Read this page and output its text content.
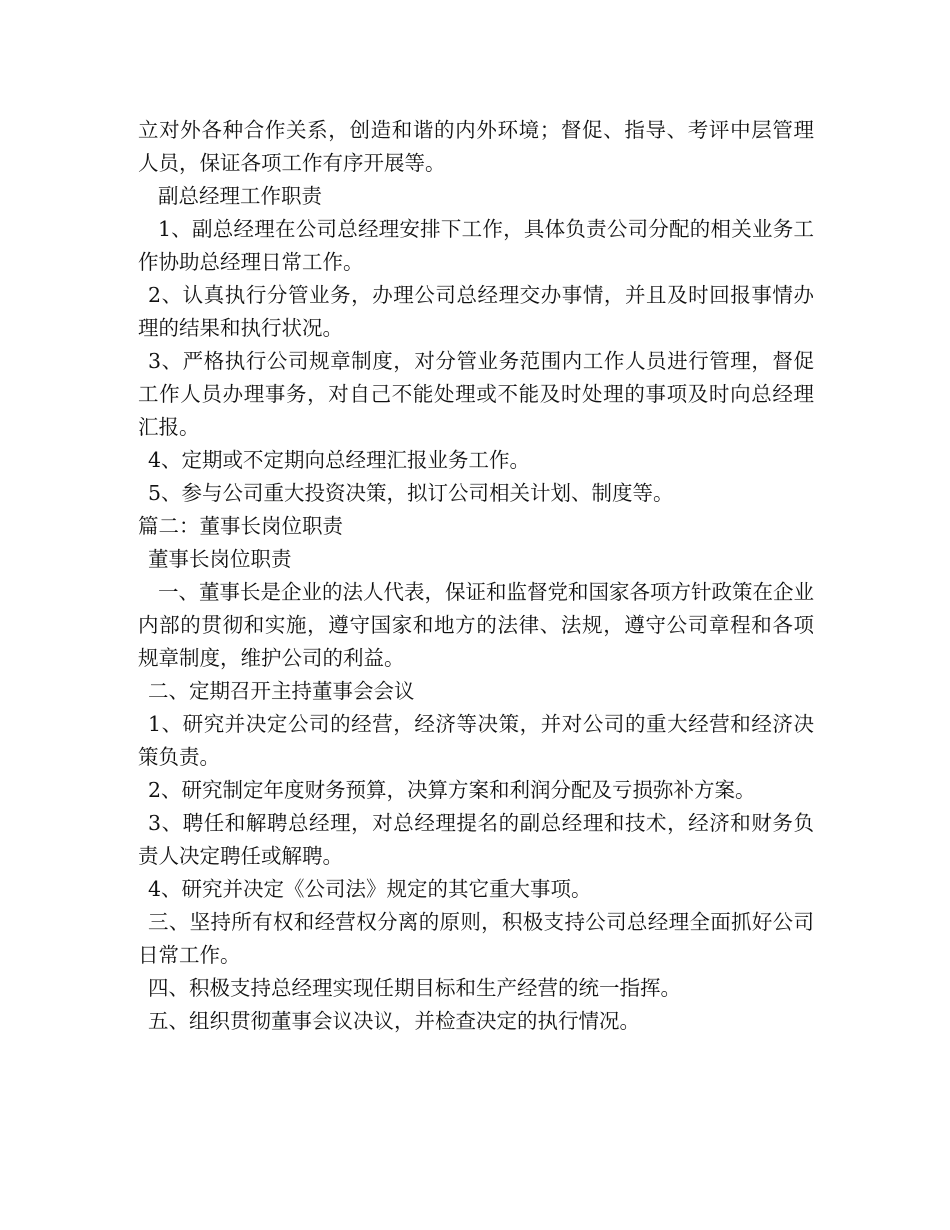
立对外各种合作关系，创造和谐的内外环境；督促、指导、考评中层管理人员，保证各项工作有序开展等。

副总经理工作职责

1、副总经理在公司总经理安排下工作，具体负责公司分配的相关业务工作协助总经理日常工作。

2、认真执行分管业务，办理公司总经理交办事情，并且及时回报事情办理的结果和执行状况。

3、严格执行公司规章制度，对分管业务范围内工作人员进行管理，督促工作人员办理事务，对自己不能处理或不能及时处理的事项及时向总经理汇报。

4、定期或不定期向总经理汇报业务工作。

5、参与公司重大投资决策，拟订公司相关计划、制度等。

篇二：董事长岗位职责

董事长岗位职责

一、董事长是企业的法人代表，保证和监督党和国家各项方针政策在企业内部的贯彻和实施，遵守国家和地方的法律、法规，遵守公司章程和各项规章制度，维护公司的利益。

二、定期召开主持董事会会议

1、研究并决定公司的经营，经济等决策，并对公司的重大经营和经济决策负责。

2、研究制定年度财务预算，决算方案和利润分配及亏损弥补方案。

3、聘任和解聘总经理，对总经理提名的副总经理和技术，经济和财务负责人决定聘任或解聘。

4、研究并决定《公司法》规定的其它重大事项。

三、坚持所有权和经营权分离的原则，积极支持公司总经理全面抓好公司日常工作。

四、积极支持总经理实现任期目标和生产经营的统一指挥。

五、组织贯彻董事会议决议，并检查决定的执行情况。
